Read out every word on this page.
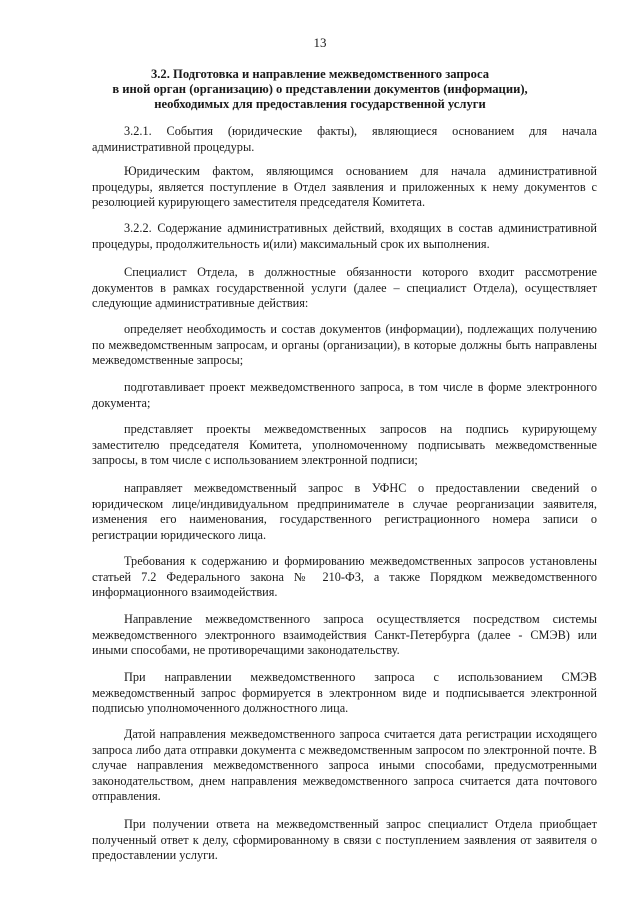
13
3.2. Подготовка и направление межведомственного запроса
в иной орган (организацию) о представлении документов (информации),
необходимых для предоставления государственной услуги

3.2.1. События (юридические факты), являющиеся основанием для начала административной процедуры.

Юридическим фактом, являющимся основанием для начала административной процедуры, является поступление в Отдел заявления и приложенных к нему документов с резолюцией курирующего заместителя председателя Комитета.

3.2.2. Содержание административных действий, входящих в состав административной процедуры, продолжительность и(или) максимальный срок их выполнения.

Специалист Отдела, в должностные обязанности которого входит рассмотрение документов в рамках государственной услуги (далее – специалист Отдела), осуществляет следующие административные действия:

определяет необходимость и состав документов (информации), подлежащих получению по межведомственным запросам, и органы (организации), в которые должны быть направлены межведомственные запросы;

подготавливает проект межведомственного запроса, в том числе в форме электронного документа;

представляет проекты межведомственных запросов на подпись курирующему заместителю председателя Комитета, уполномоченному подписывать межведомственные запросы, в том числе с использованием электронной подписи;

направляет межведомственный запрос в УФНС о предоставлении сведений о юридическом лице/индивидуальном предпринимателе в случае реорганизации заявителя, изменения его наименования, государственного регистрационного номера записи о регистрации юридического лица.

Требования к содержанию и формированию межведомственных запросов установлены статьей 7.2 Федерального закона № 210-ФЗ, а также Порядком межведомственного информационного взаимодействия.

Направление межведомственного запроса осуществляется посредством системы межведомственного электронного взаимодействия Санкт-Петербурга (далее - СМЭВ) или иными способами, не противоречащими законодательству.

При направлении межведомственного запроса с использованием СМЭВ межведомственный запрос формируется в электронном виде и подписывается электронной подписью уполномоченного должностного лица.

Датой направления межведомственного запроса считается дата регистрации исходящего запроса либо дата отправки документа с межведомственным запросом по электронной почте. В случае направления межведомственного запроса иными способами, предусмотренными законодательством, днем направления межведомственного запроса считается дата почтового отправления.

При получении ответа на межведомственный запрос специалист Отдела приобщает полученный ответ к делу, сформированному в связи с поступлением заявления от заявителя о предоставлении услуги.
